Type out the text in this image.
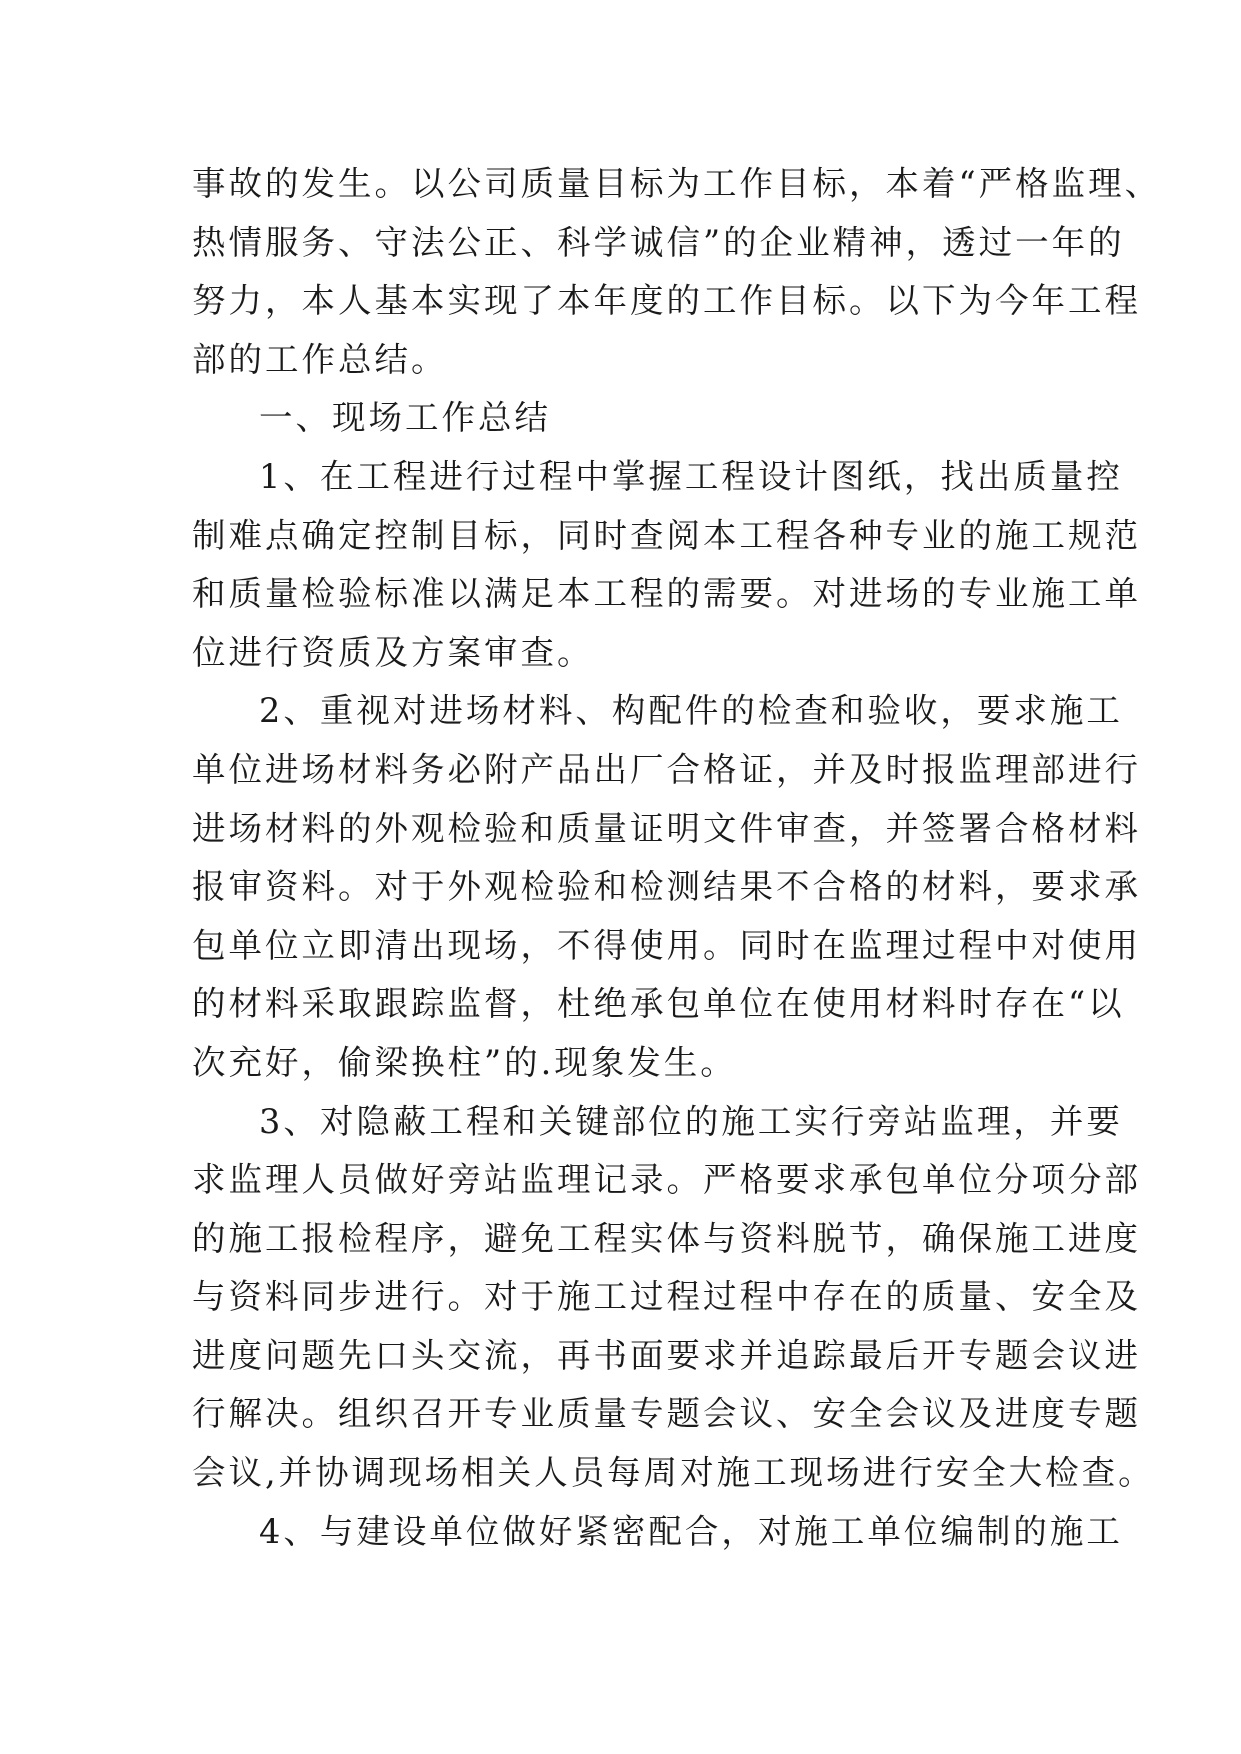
事故的发生。以公司质量目标为工作目标，本着“严格监理、
热情服务、守法公正、科学诚信”的企业精神，透过一年的
努力，本人基本实现了本年度的工作目标。以下为今年工程
部的工作总结。
一、现场工作总结
1、在工程进行过程中掌握工程设计图纸，找出质量控
制难点确定控制目标，同时查阅本工程各种专业的施工规范
和质量检验标准以满足本工程的需要。对进场的专业施工单
位进行资质及方案审查。
2、重视对进场材料、构配件的检查和验收，要求施工
单位进场材料务必附产品出厂合格证，并及时报监理部进行
进场材料的外观检验和质量证明文件审查，并签署合格材料
报审资料。对于外观检验和检测结果不合格的材料，要求承
包单位立即清出现场，不得使用。同时在监理过程中对使用
的材料采取跟踪监督，杜绝承包单位在使用材料时存在“以
次充好，偷梁换柱”的.现象发生。
3、对隐蔽工程和关键部位的施工实行旁站监理，并要
求监理人员做好旁站监理记录。严格要求承包单位分项分部
的施工报检程序，避免工程实体与资料脱节，确保施工进度
与资料同步进行。对于施工过程过程中存在的质量、安全及
进度问题先口头交流，再书面要求并追踪最后开专题会议进
行解决。组织召开专业质量专题会议、安全会议及进度专题
会议,并协调现场相关人员每周对施工现场进行安全大检查。
4、与建设单位做好紧密配合，对施工单位编制的施工
